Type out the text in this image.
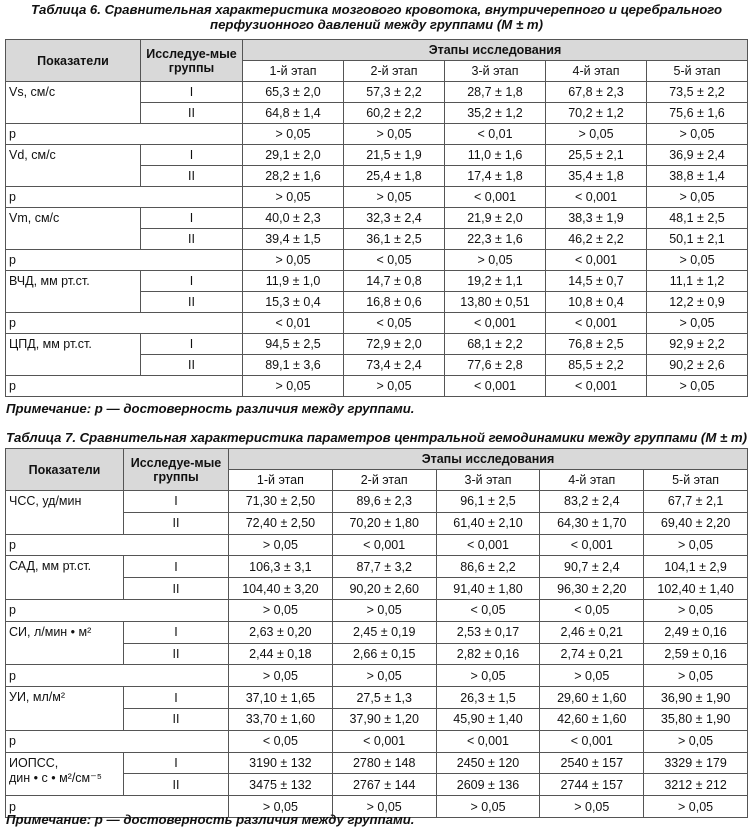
Таблица 6. Сравнительная характеристика мозгового кровотока, внутричерепного и церебрального перфузионного давлений между группами (M ± m)
Показатели	Исследуе-мые группы	Этапы исследования				
		1-й этап	2-й этап	3-й этап	4-й этап	5-й этап
Vs, см/с	I	65,3 ± 2,0	57,3 ± 2,2	28,7 ± 1,8	67,8 ± 2,3	73,5 ± 2,2
	II	64,8 ± 1,4	60,2 ± 2,2	35,2 ± 1,2	70,2 ± 1,2	75,6 ± 1,6
p		> 0,05	> 0,05	< 0,01	> 0,05	> 0,05
Vd, см/с	I	29,1 ± 2,0	21,5 ± 1,9	11,0 ± 1,6	25,5 ± 2,1	36,9 ± 2,4
	II	28,2 ± 1,6	25,4 ± 1,8	17,4 ± 1,8	35,4 ± 1,8	38,8 ± 1,4
p		> 0,05	> 0,05	< 0,001	< 0,001	> 0,05
Vm, см/с	I	40,0 ± 2,3	32,3 ± 2,4	21,9 ± 2,0	38,3 ± 1,9	48,1 ± 2,5
	II	39,4 ± 1,5	36,1 ± 2,5	22,3 ± 1,6	46,2 ± 2,2	50,1 ± 2,1
p		> 0,05	< 0,05	> 0,05	< 0,001	> 0,05
ВЧД, мм рт.ст.	I	11,9 ± 1,0	14,7 ± 0,8	19,2 ± 1,1	14,5 ± 0,7	11,1 ± 1,2
	II	15,3 ± 0,4	16,8 ± 0,6	13,80 ± 0,51	10,8 ± 0,4	12,2 ± 0,9
p		< 0,01	< 0,05	< 0,001	< 0,001	> 0,05
ЦПД, мм рт.ст.	I	94,5 ± 2,5	72,9 ± 2,0	68,1 ± 2,2	76,8 ± 2,5	92,9 ± 2,2
	II	89,1 ± 3,6	73,4 ± 2,4	77,6 ± 2,8	85,5 ± 2,2	90,2 ± 2,6
p		> 0,05	> 0,05	< 0,001	< 0,001	> 0,05
Примечание: p — достоверность различия между группами.
Таблица 7. Сравнительная характеристика параметров центральной гемодинамики между группами (M ± m)
Показатели	Исследуе-мые группы	Этапы исследования				
		1-й этап	2-й этап	3-й этап	4-й этап	5-й этап
ЧСС, уд/мин	I	71,30 ± 2,50	89,6 ± 2,3	96,1 ± 2,5	83,2 ± 2,4	67,7 ± 2,1
	II	72,40 ± 2,50	70,20 ± 1,80	61,40 ± 2,10	64,30 ± 1,70	69,40 ± 2,20
p		> 0,05	< 0,001	< 0,001	< 0,001	> 0,05
САД, мм рт.ст.	I	106,3 ± 3,1	87,7 ± 3,2	86,6 ± 2,2	90,7 ± 2,4	104,1 ± 2,9
	II	104,40 ± 3,20	90,20 ± 2,60	91,40 ± 1,80	96,30 ± 2,20	102,40 ± 1,40
p		> 0,05	> 0,05	< 0,05	< 0,05	> 0,05
СИ, л/мин • м²	I	2,63 ± 0,20	2,45 ± 0,19	2,53 ± 0,17	2,46 ± 0,21	2,49 ± 0,16
	II	2,44 ± 0,18	2,66 ± 0,15	2,82 ± 0,16	2,74 ± 0,21	2,59 ± 0,16
p		> 0,05	> 0,05	> 0,05	> 0,05	> 0,05
УИ, мл/м²	I	37,10 ± 1,65	27,5 ± 1,3	26,3 ± 1,5	29,60 ± 1,60	36,90 ± 1,90
	II	33,70 ± 1,60	37,90 ± 1,20	45,90 ± 1,40	42,60 ± 1,60	35,80 ± 1,90
p		< 0,05	< 0,001	< 0,001	< 0,001	> 0,05
ИОПСС,
дин • с • м²/см⁻⁵	I	3190 ± 132	2780 ± 148	2450 ± 120	2540 ± 157	3329 ± 179
	II	3475 ± 132	2767 ± 144	2609 ± 136	2744 ± 157	3212 ± 212
p		> 0,05	> 0,05	> 0,05	> 0,05	> 0,05
Примечание: p — достоверность различия между группами.
